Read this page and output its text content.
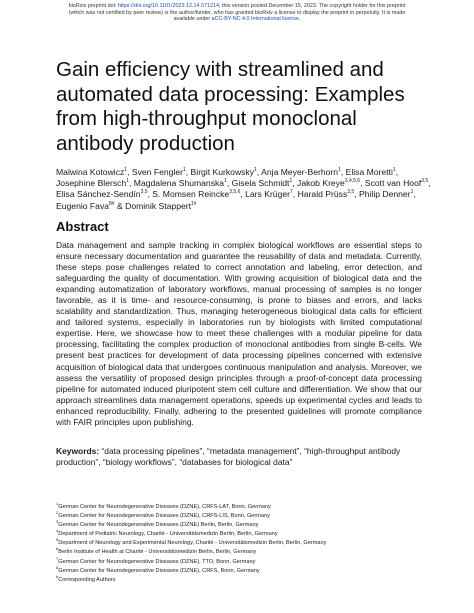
bioRxiv preprint doi: https://doi.org/10.1101/2023.12.14.571214; this version posted December 15, 2023. The copyright holder for this preprint
(which was not certified by peer review) is the author/funder, who has granted bioRxiv a license to display the preprint in perpetuity. It is made
available under aCC-BY-NC 4.0 International license.
Gain efficiency with streamlined and automated data processing: Examples from high-throughput monoclonal antibody production
Malwina Kotowicz$^1$, Sven Fengler$^1$, Birgit Kurkowsky$^1$, Anja Meyer-Berhorn$^1$, Elisa Moretti$^1$, Josephine Blersch$^1$, Magdalena Shumanska$^1$, Gisela Schmidt$^1$, Jakob Kreye$^{3,4,5,6}$, Scott van Hoof$^{3,5}$, Elisa Sánchez-Sendín$^{3,5}$, S. Momsen Reincke$^{3,5,6}$, Lars Krüger$^7$, Harald Prüss$^{3,5}$, Philip Denner$^1$, Eugenio Fava$^{8\#}$ & Dominik Stappert$^{1\#}$
Abstract

Data management and sample tracking in complex biological workflows are essential steps to ensure necessary documentation and guarantee the reusability of data and metadata. Currently, these steps pose challenges related to correct annotation and labeling, error detection, and safeguarding the quality of documentation. With growing acquisition of biological data and the expanding automatization of laboratory workflows, manual processing of samples is no longer favorable, as it is time- and resource-consuming, is prone to biases and errors, and lacks scalability and standardization. Thus, managing heterogeneous biological data calls for efficient and tailored systems, especially in laboratories run by biologists with limited computational expertise. Here, we showcase how to meet these challenges with a modular pipeline for data processing, facilitating the complex production of monoclonal antibodies from single B-cells. We present best practices for development of data processing pipelines concerned with extensive acquisition of biological data that undergoes continuous manipulation and analysis. Moreover, we assess the versatility of proposed design principles through a proof-of-concept data processing pipeline for automated induced pluripotent stem cell culture and differentiation. We show that our approach streamlines data management operations, speeds up experimental cycles and leads to enhanced reproducibility. Finally, adhering to the presented guidelines will promote compliance with FAIR principles upon publishing.

Keywords: “data processing pipelines”, “metadata management”, “high-throughput antibody production”, “biology workflows”, “databases for biological data”

$^1$German Center for Neurodegenerative Diseases (DZNE), CRFS-LAT, Bonn, Germany
$^2$German Center for Neurodegenerative Diseases (DZNE), CRFS-LIS, Bonn, Germany
$^3$German Center for Neurodegenerative Diseases (DZNE) Berlin, Berlin, Germany
$^4$Department of Pediatric Neurology, Charité - Universitätsmedizin Berlin, Berlin, Germany
$^5$Department of Neurology and Experimental Neurology, Charité - Universitätsmedizin Berlin, Berlin, Germany
$^6$Berlin Institute of Health at Charité - Universitätsmedizin Berlin, Berlin, Germany
$^7$German Center for Neurodegenerative Diseases (DZNE), TTO, Bonn, Germany
$^8$German Center for Neurodegenerative Diseases (DZNE), CRFS, Bonn, Germany
#Corresponding Authors
